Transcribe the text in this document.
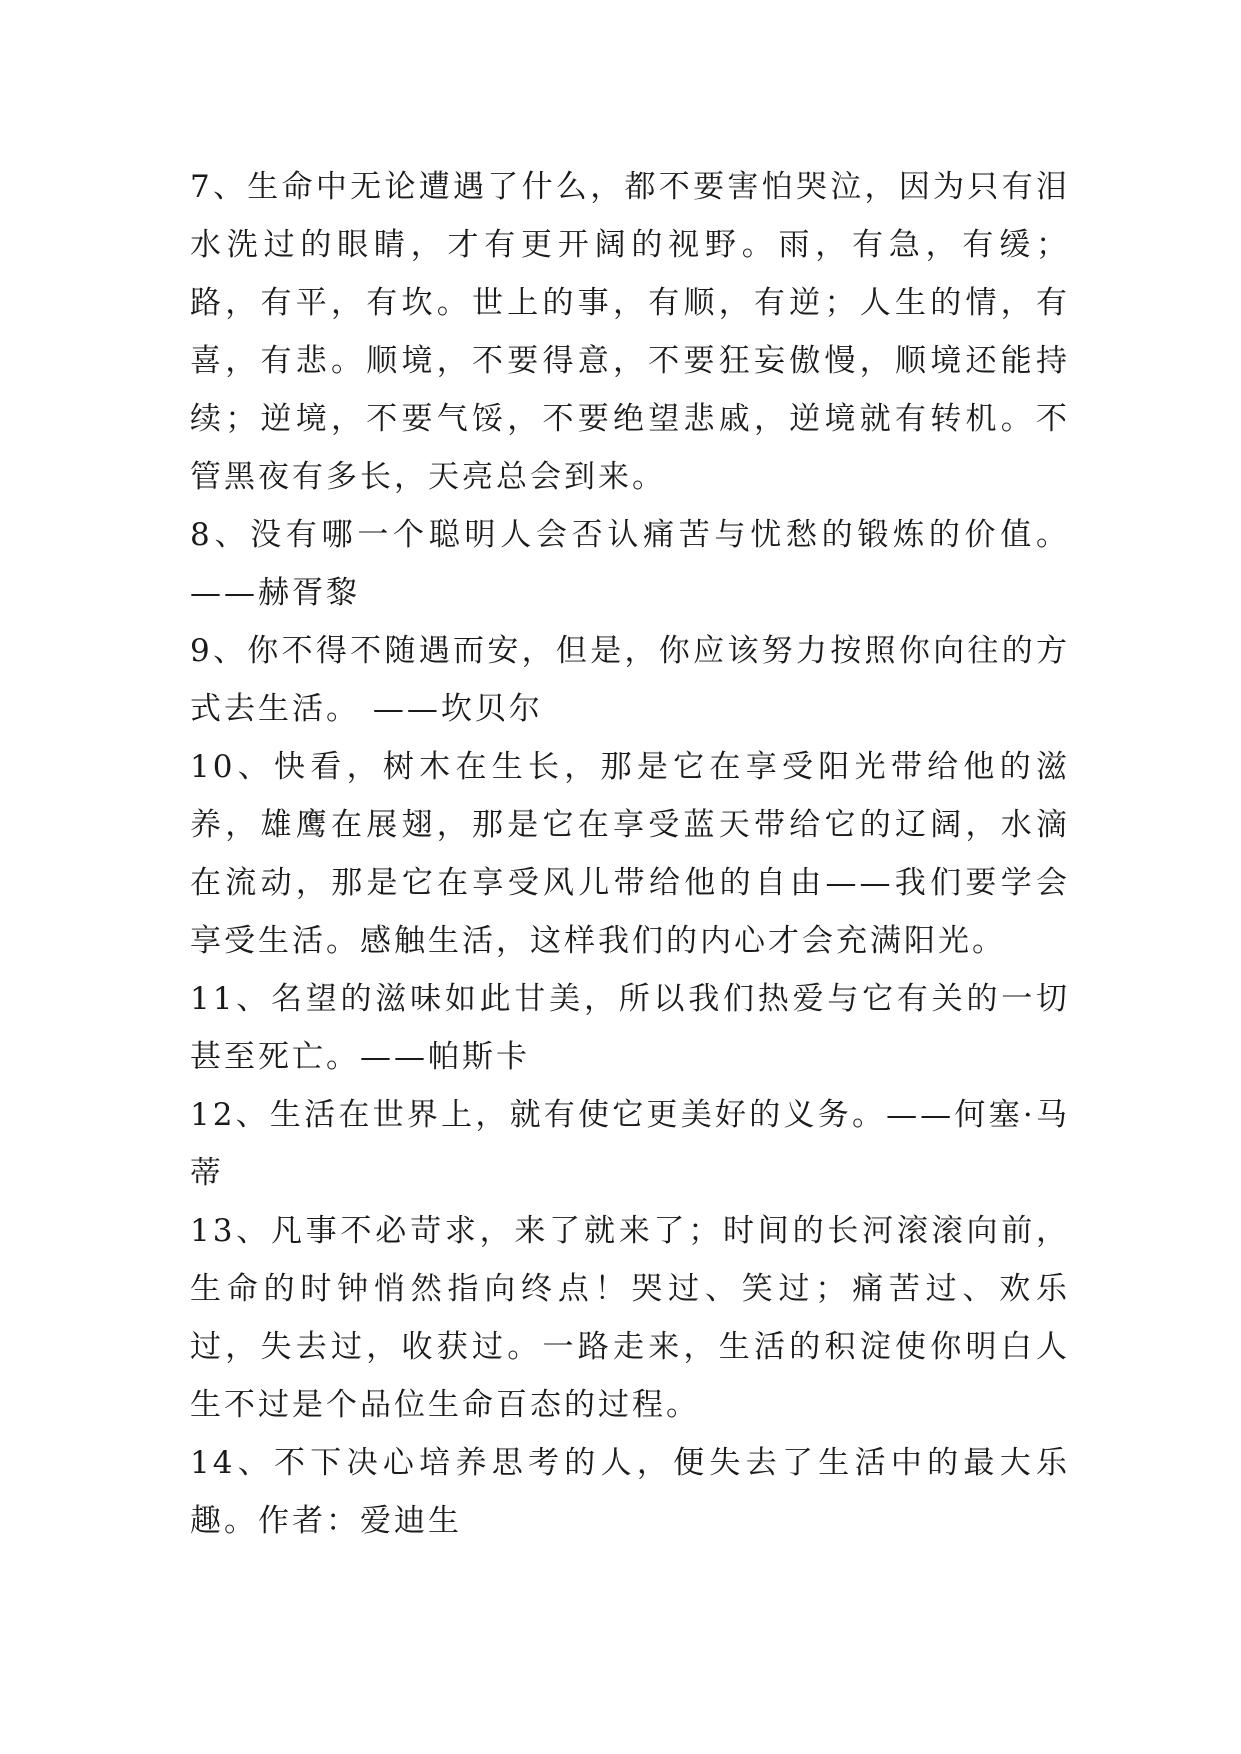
7、生命中无论遭遇了什么，都不要害怕哭泣，因为只有泪水洗过的眼睛，才有更开阔的视野。雨，有急，有缓；路，有平，有坎。世上的事，有顺，有逆；人生的情，有喜，有悲。顺境，不要得意，不要狂妄傲慢，顺境还能持续；逆境，不要气馁，不要绝望悲戚，逆境就有转机。不管黑夜有多长，天亮总会到来。

8、没有哪一个聪明人会否认痛苦与忧愁的锻炼的价值。——赫胥黎

9、你不得不随遇而安，但是，你应该努力按照你向往的方式去生活。 ——坎贝尔

10、快看，树木在生长，那是它在享受阳光带给他的滋养，雄鹰在展翅，那是它在享受蓝天带给它的辽阔，水滴在流动，那是它在享受风儿带给他的自由——我们要学会享受生活。感触生活，这样我们的内心才会充满阳光。

11、名望的滋味如此甘美，所以我们热爱与它有关的一切甚至死亡。——帕斯卡

12、生活在世界上，就有使它更美好的义务。——何塞·马蒂

13、凡事不必苛求，来了就来了；时间的长河滚滚向前，生命的时钟悄然指向终点！哭过、笑过；痛苦过、欢乐过，失去过，收获过。一路走来，生活的积淀使你明白人生不过是个品位生命百态的过程。

14、不下决心培养思考的人，便失去了生活中的最大乐趣。作者：爱迪生
